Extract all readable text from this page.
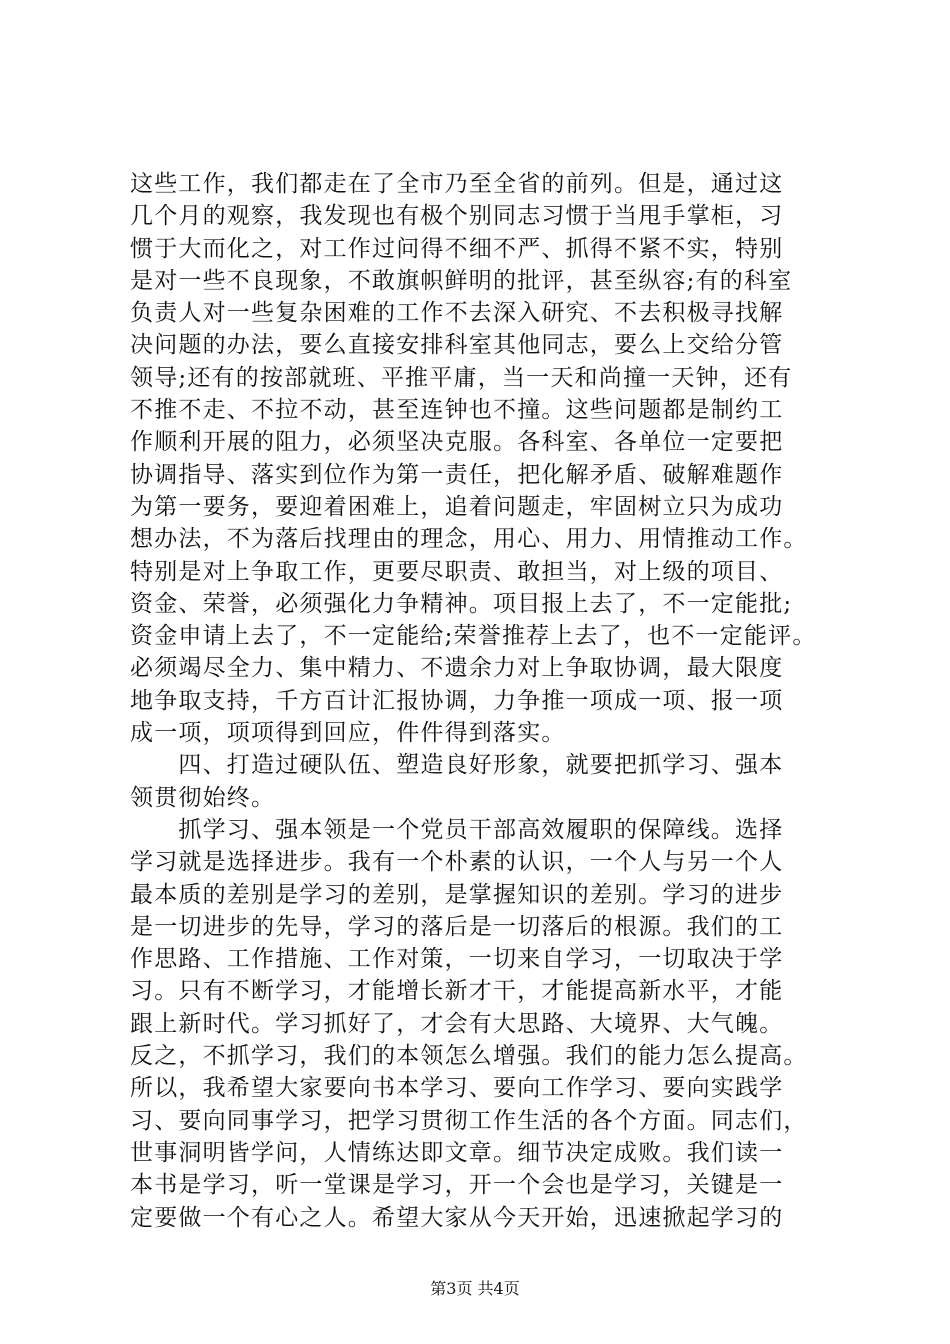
这些工作，我们都走在了全市乃至全省的前列。但是，通过这
几个月的观察，我发现也有极个别同志习惯于当甩手掌柜，习
惯于大而化之，对工作过问得不细不严、抓得不紧不实，特别
是对一些不良现象，不敢旗帜鲜明的批评，甚至纵容;有的科室
负责人对一些复杂困难的工作不去深入研究、不去积极寻找解
决问题的办法，要么直接安排科室其他同志，要么上交给分管
领导;还有的按部就班、平推平庸，当一天和尚撞一天钟，还有
不推不走、不拉不动，甚至连钟也不撞。这些问题都是制约工
作顺利开展的阻力，必须坚决克服。各科室、各单位一定要把
协调指导、落实到位作为第一责任，把化解矛盾、破解难题作
为第一要务，要迎着困难上，追着问题走，牢固树立只为成功
想办法，不为落后找理由的理念，用心、用力、用情推动工作。
特别是对上争取工作，更要尽职责、敢担当，对上级的项目、
资金、荣誉，必须强化力争精神。项目报上去了，不一定能批;
资金申请上去了，不一定能给;荣誉推荐上去了，也不一定能评。
必须竭尽全力、集中精力、不遗余力对上争取协调，最大限度
地争取支持，千方百计汇报协调，力争推一项成一项、报一项
成一项，项项得到回应，件件得到落实。
　　四、打造过硬队伍、塑造良好形象，就要把抓学习、强本
领贯彻始终。
　　抓学习、强本领是一个党员干部高效履职的保障线。选择
学习就是选择进步。我有一个朴素的认识，一个人与另一个人
最本质的差别是学习的差别，是掌握知识的差别。学习的进步
是一切进步的先导，学习的落后是一切落后的根源。我们的工
作思路、工作措施、工作对策，一切来自学习，一切取决于学
习。只有不断学习，才能增长新才干，才能提高新水平，才能
跟上新时代。学习抓好了，才会有大思路、大境界、大气魄。
反之，不抓学习，我们的本领怎么增强。我们的能力怎么提高。
所以，我希望大家要向书本学习、要向工作学习、要向实践学
习、要向同事学习，把学习贯彻工作生活的各个方面。同志们，
世事洞明皆学问，人情练达即文章。细节决定成败。我们读一
本书是学习，听一堂课是学习，开一个会也是学习，关键是一
定要做一个有心之人。希望大家从今天开始，迅速掀起学习的
第3页 共4页
